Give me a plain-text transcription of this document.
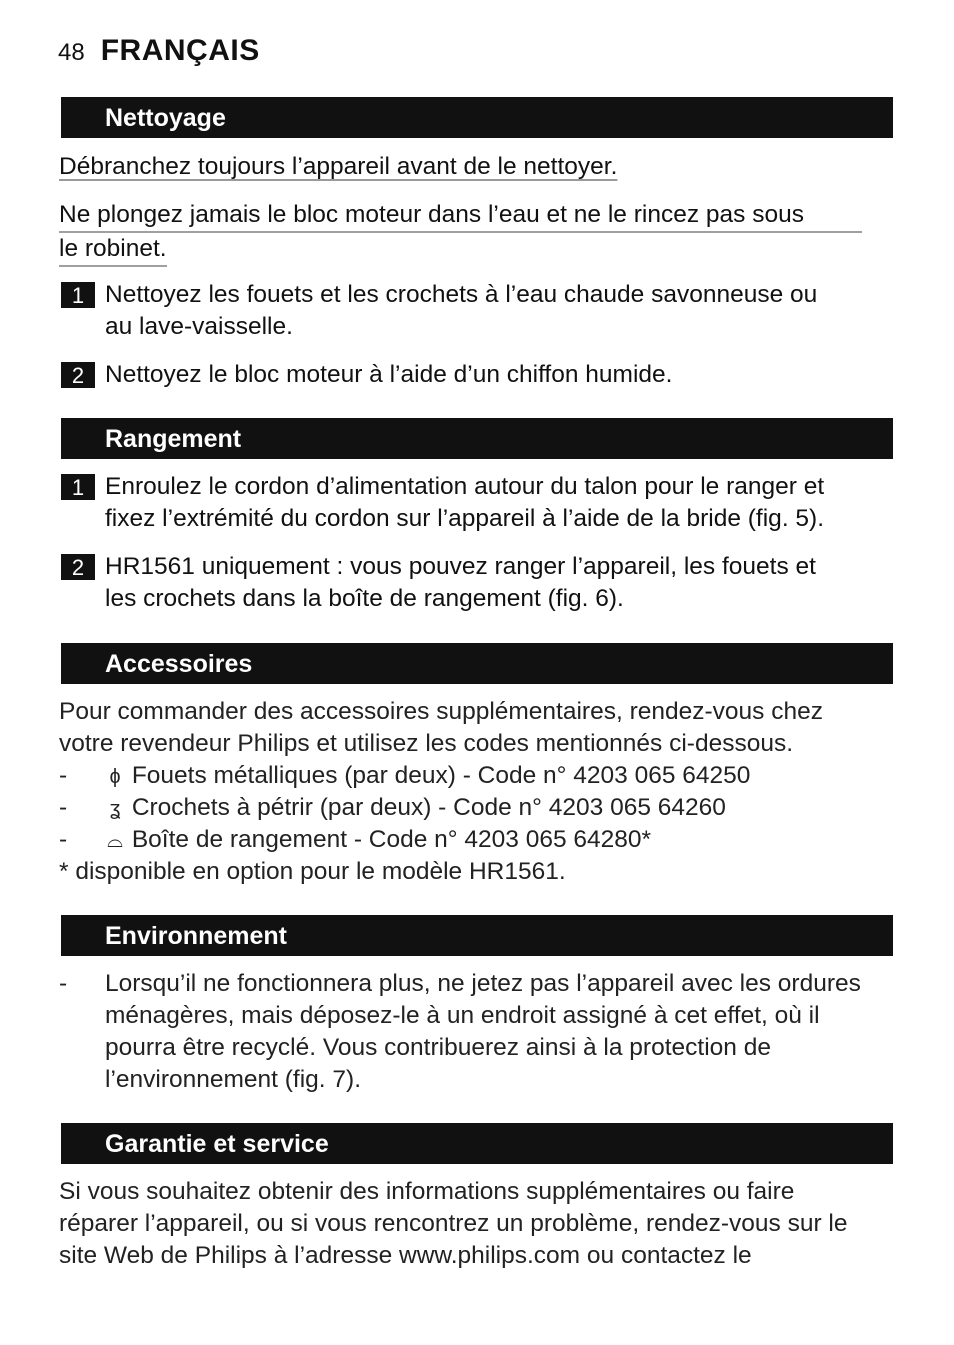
48 FRANÇAIS
Nettoyage
Débranchez toujours l’appareil avant de le nettoyer.
Ne plongez jamais le bloc moteur dans l’eau et ne le rincez pas sous
le robinet.
1 Nettoyez les fouets et les crochets à l’eau chaude savonneuse ou
au lave-vaisselle.
2 Nettoyez le bloc moteur à l’aide d’un chiffon humide.
Rangement
1 Enroulez le cordon d’alimentation autour du talon pour le ranger et
fixez l’extrémité du cordon sur l’appareil à l’aide de la bride (fig. 5).
2 HR1561 uniquement : vous pouvez ranger l’appareil, les fouets et
les crochets dans la boîte de rangement (fig. 6).
Accessoires
Pour commander des accessoires supplémentaires, rendez-vous chez
votre revendeur Philips et utilisez les codes mentionnés ci-dessous.
- ɸ Fouets métalliques (par deux) - Code n° 4203 065 64250
- ʓ Crochets à pétrir (par deux) - Code n° 4203 065 64260
- ⌓ Boîte de rangement - Code n° 4203 065 64280*
* disponible en option pour le modèle HR1561.
Environnement
-	Lorsqu’il ne fonctionnera plus, ne jetez pas l’appareil avec les ordures
ménagères, mais déposez-le à un endroit assigné à cet effet, où il
pourra être recyclé. Vous contribuerez ainsi à la protection de
l’environnement (fig. 7).
Garantie et service
Si vous souhaitez obtenir des informations supplémentaires ou faire
réparer l’appareil, ou si vous rencontrez un problème, rendez-vous sur le
site Web de Philips à l’adresse www.philips.com ou contactez le
